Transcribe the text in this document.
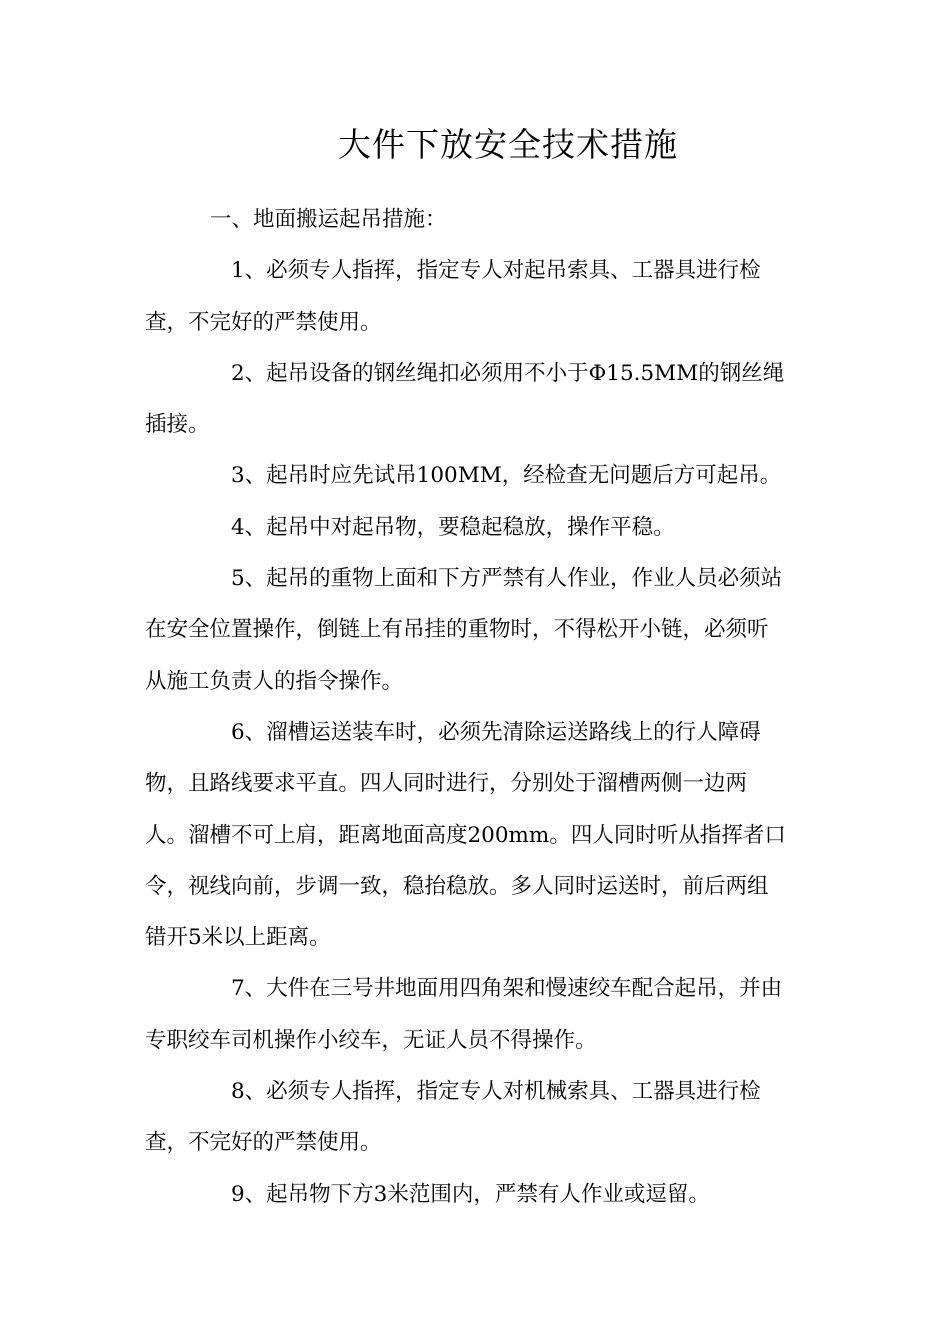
大件下放安全技术措施

一、地面搬运起吊措施：

1、必须专人指挥，指定专人对起吊索具、工器具进行检
查，不完好的严禁使用。

2、起吊设备的钢丝绳扣必须用不小于Φ15.5MM的钢丝绳
插接。

3、起吊时应先试吊100MM，经检查无问题后方可起吊。

4、起吊中对起吊物，要稳起稳放，操作平稳。

5、起吊的重物上面和下方严禁有人作业，作业人员必须站
在安全位置操作，倒链上有吊挂的重物时，不得松开小链，必须听
从施工负责人的指令操作。

6、溜槽运送装车时，必须先清除运送路线上的行人障碍
物，且路线要求平直。四人同时进行，分别处于溜槽两侧一边两
人。溜槽不可上肩，距离地面高度200mm。四人同时听从指挥者口
令，视线向前，步调一致，稳抬稳放。多人同时运送时，前后两组
错开5米以上距离。

7、大件在三号井地面用四角架和慢速绞车配合起吊，并由
专职绞车司机操作小绞车，无证人员不得操作。

8、必须专人指挥，指定专人对机械索具、工器具进行检
查，不完好的严禁使用。

9、起吊物下方3米范围内，严禁有人作业或逗留。
